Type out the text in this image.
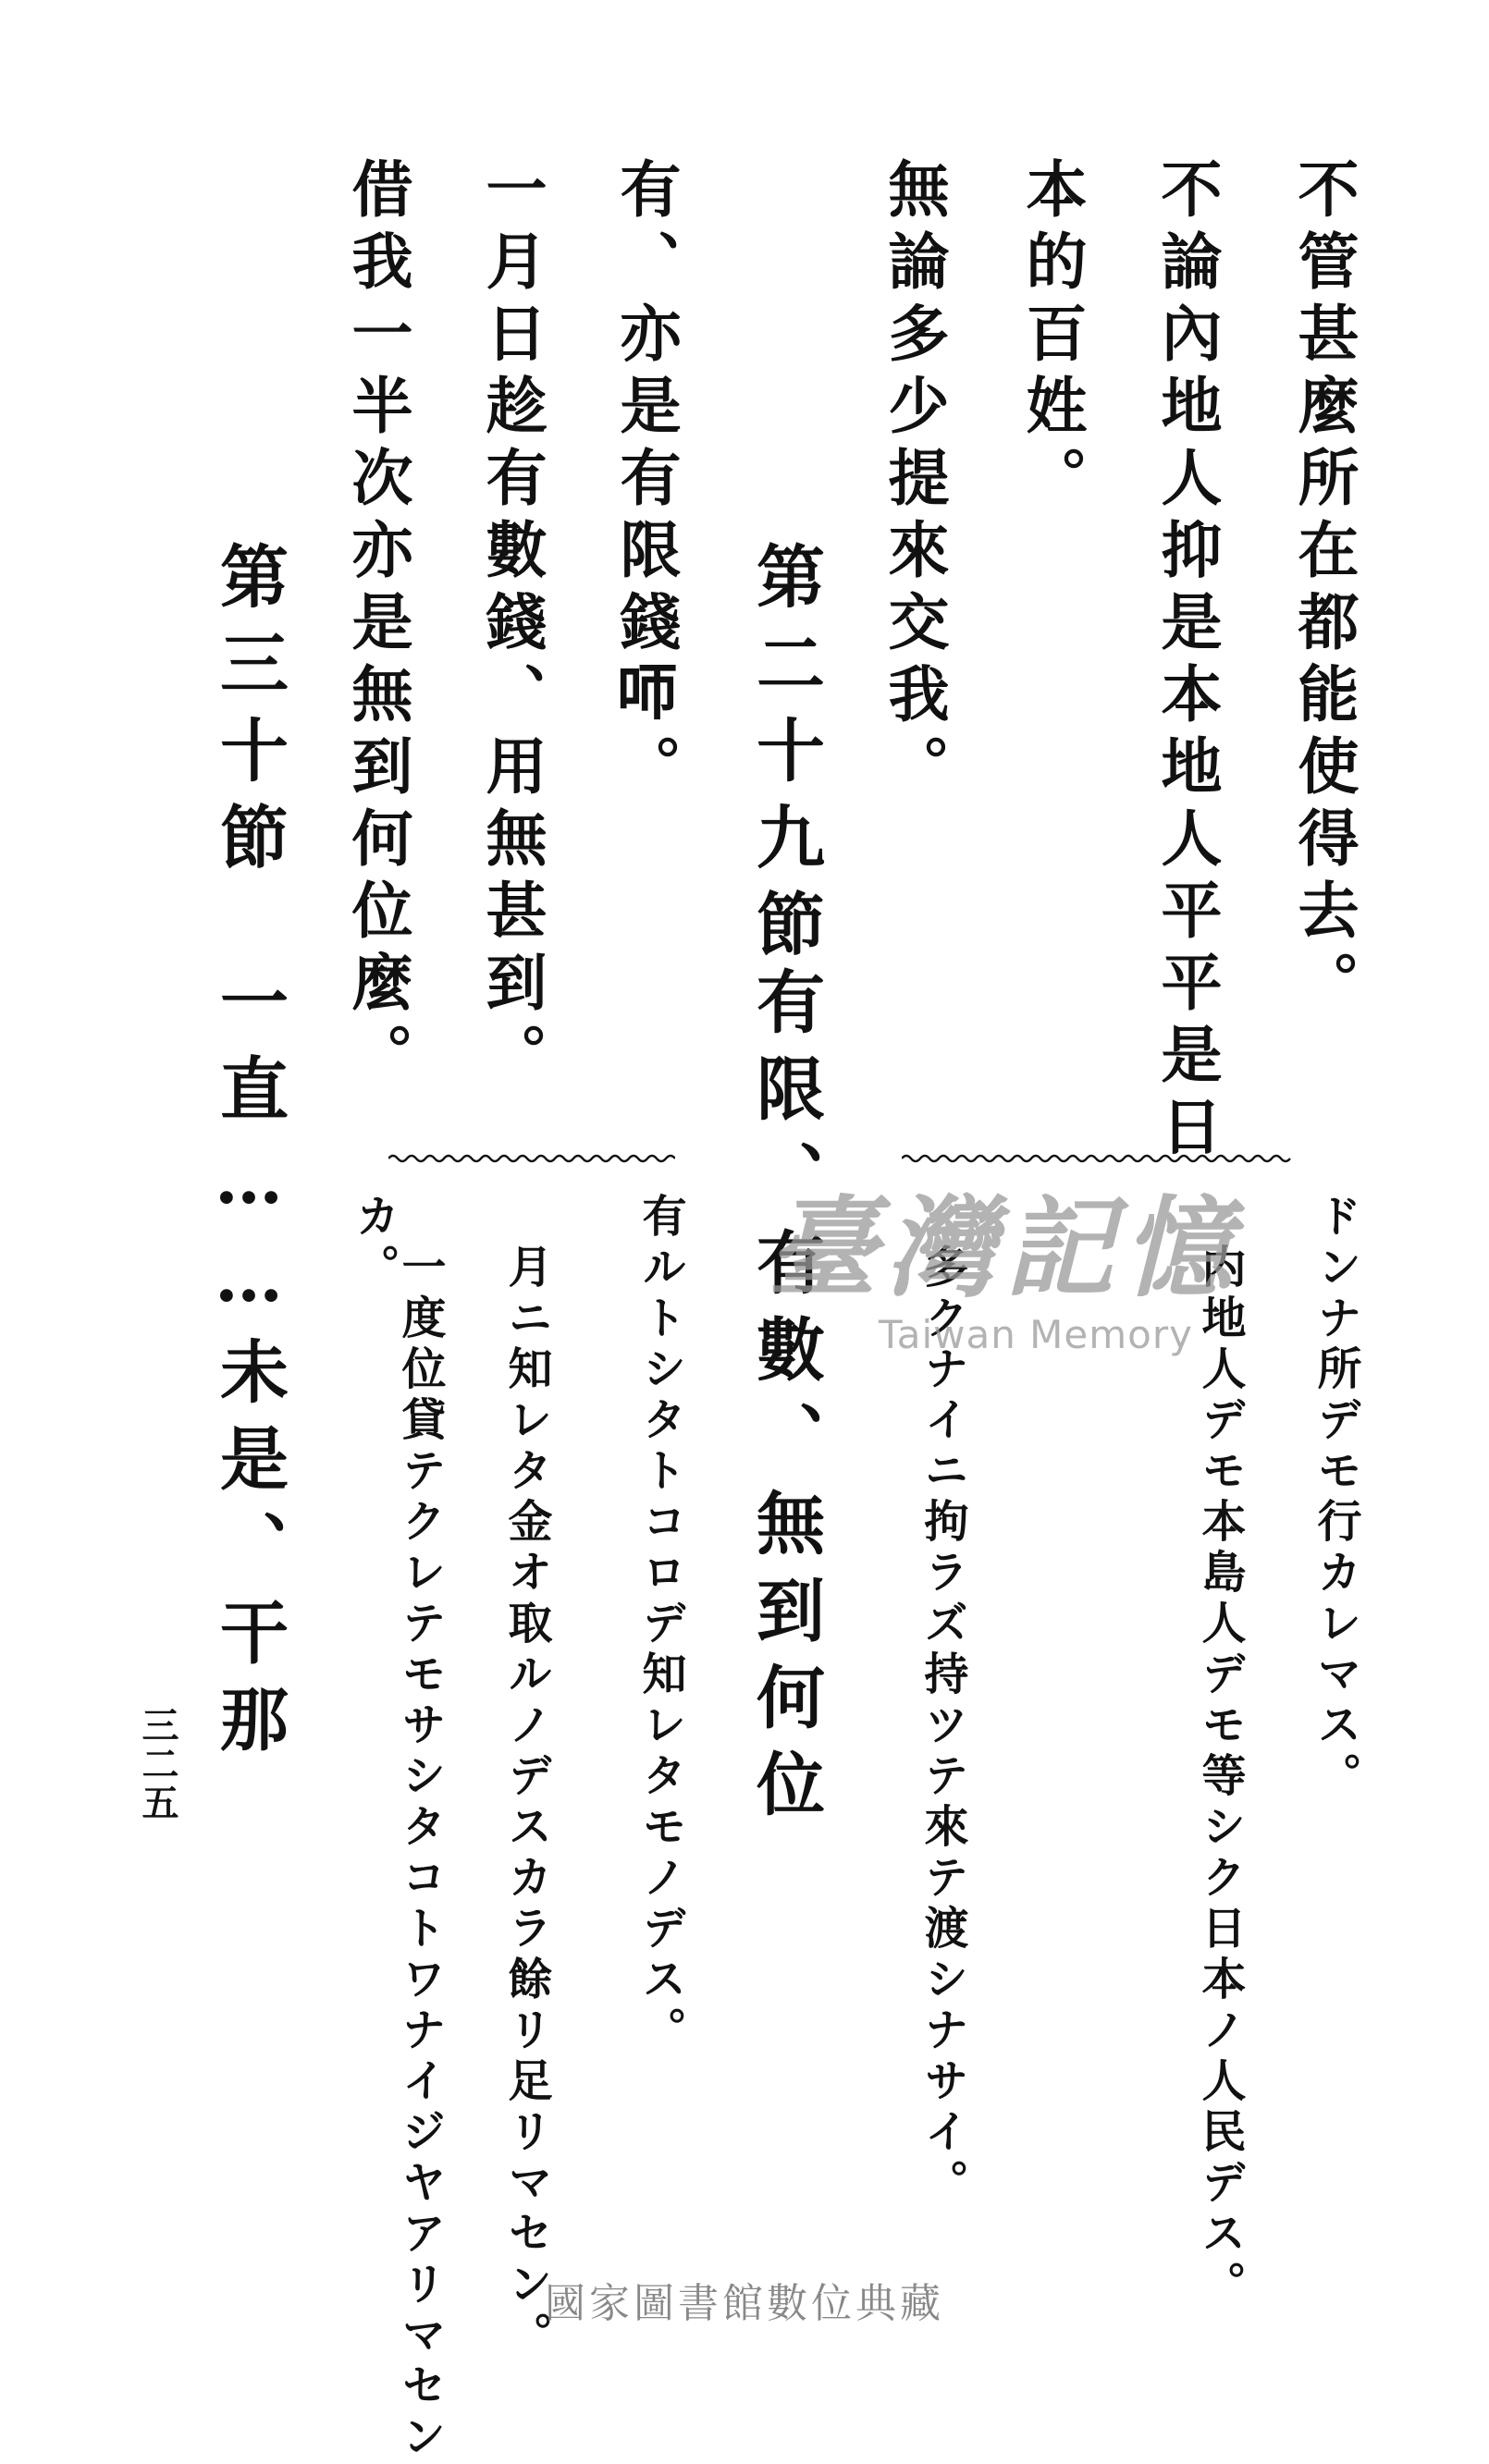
不管甚麼所在都能使得去。
不論內地人抑是本地人平平是日
本的百姓。
無論多少提來交我。
第二十九節
有限、有數、無到何位
有、亦是有限錢𠯗。
一月日趁有數錢、用無甚到。
借我一半次亦是無到何位麼。
第三十節
一直……未是、干那	ドンナ所デモ行カレマス。
内地人デモ本島人デモ等シク日本ノ人民デス。
多クナイニ拘ラズ持ツテ來テ渡シナサイ。
有ルトシタトコロデ知レタモノデス。
月ニ知レタ金オ取ルノデスカラ餘リ足リマセン。
一度位貸テクレテモサシタコトワナイジヤアリマセン
カ。
三二五
臺灣記憶
Taiwan Memory
國家圖書館數位典藏
